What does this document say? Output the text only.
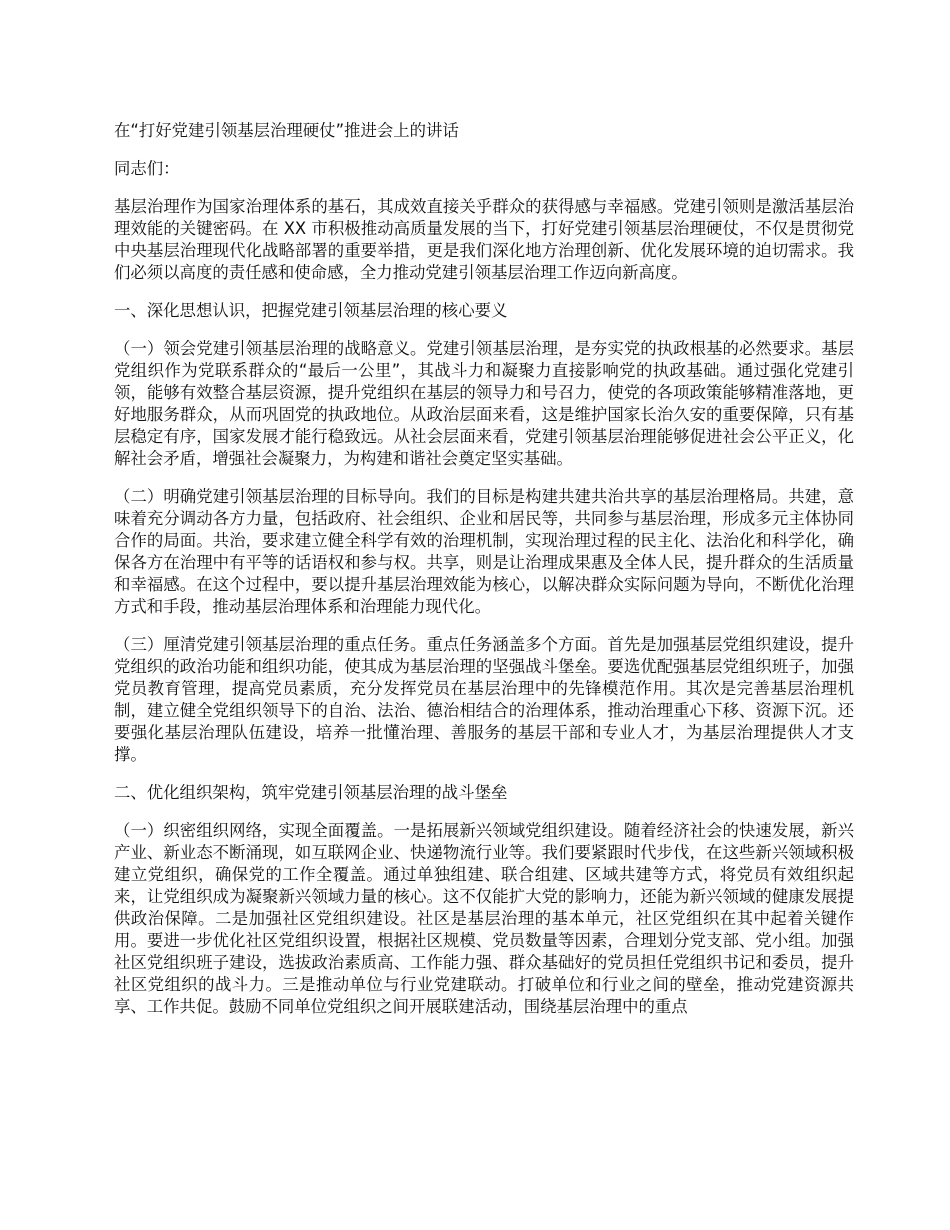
在“打好党建引领基层治理硬仗”推进会上的讲话

同志们：

基层治理作为国家治理体系的基石，其成效直接关乎群众的获得感与幸福感。党建引领则是激活基层治理效能的关键密码。在 XX 市积极推动高质量发展的当下，打好党建引领基层治理硬仗，不仅是贯彻党中央基层治理现代化战略部署的重要举措，更是我们深化地方治理创新、优化发展环境的迫切需求。我们必须以高度的责任感和使命感，全力推动党建引领基层治理工作迈向新高度。

一、深化思想认识，把握党建引领基层治理的核心要义

（一）领会党建引领基层治理的战略意义。党建引领基层治理，是夯实党的执政根基的必然要求。基层党组织作为党联系群众的“最后一公里”，其战斗力和凝聚力直接影响党的执政基础。通过强化党建引领，能够有效整合基层资源，提升党组织在基层的领导力和号召力，使党的各项政策能够精准落地，更好地服务群众，从而巩固党的执政地位。从政治层面来看，这是维护国家长治久安的重要保障，只有基层稳定有序，国家发展才能行稳致远。从社会层面来看，党建引领基层治理能够促进社会公平正义，化解社会矛盾，增强社会凝聚力，为构建和谐社会奠定坚实基础。

（二）明确党建引领基层治理的目标导向。我们的目标是构建共建共治共享的基层治理格局。共建，意味着充分调动各方力量，包括政府、社会组织、企业和居民等，共同参与基层治理，形成多元主体协同合作的局面。共治，要求建立健全科学有效的治理机制，实现治理过程的民主化、法治化和科学化，确保各方在治理中有平等的话语权和参与权。共享，则是让治理成果惠及全体人民，提升群众的生活质量和幸福感。在这个过程中，要以提升基层治理效能为核心，以解决群众实际问题为导向，不断优化治理方式和手段，推动基层治理体系和治理能力现代化。

（三）厘清党建引领基层治理的重点任务。重点任务涵盖多个方面。首先是加强基层党组织建设，提升党组织的政治功能和组织功能，使其成为基层治理的坚强战斗堡垒。要选优配强基层党组织班子，加强党员教育管理，提高党员素质，充分发挥党员在基层治理中的先锋模范作用。其次是完善基层治理机制，建立健全党组织领导下的自治、法治、德治相结合的治理体系，推动治理重心下移、资源下沉。还要强化基层治理队伍建设，培养一批懂治理、善服务的基层干部和专业人才，为基层治理提供人才支撑。

二、优化组织架构，筑牢党建引领基层治理的战斗堡垒

（一）织密组织网络，实现全面覆盖。一是拓展新兴领域党组织建设。随着经济社会的快速发展，新兴产业、新业态不断涌现，如互联网企业、快递物流行业等。我们要紧跟时代步伐，在这些新兴领域积极建立党组织，确保党的工作全覆盖。通过单独组建、联合组建、区域共建等方式，将党员有效组织起来，让党组织成为凝聚新兴领域力量的核心。这不仅能扩大党的影响力，还能为新兴领域的健康发展提供政治保障。二是加强社区党组织建设。社区是基层治理的基本单元，社区党组织在其中起着关键作用。要进一步优化社区党组织设置，根据社区规模、党员数量等因素，合理划分党支部、党小组。加强社区党组织班子建设，选拔政治素质高、工作能力强、群众基础好的党员担任党组织书记和委员，提升社区党组织的战斗力。三是推动单位与行业党建联动。打破单位和行业之间的壁垒，推动党建资源共享、工作共促。鼓励不同单位党组织之间开展联建活动，围绕基层治理中的重点
